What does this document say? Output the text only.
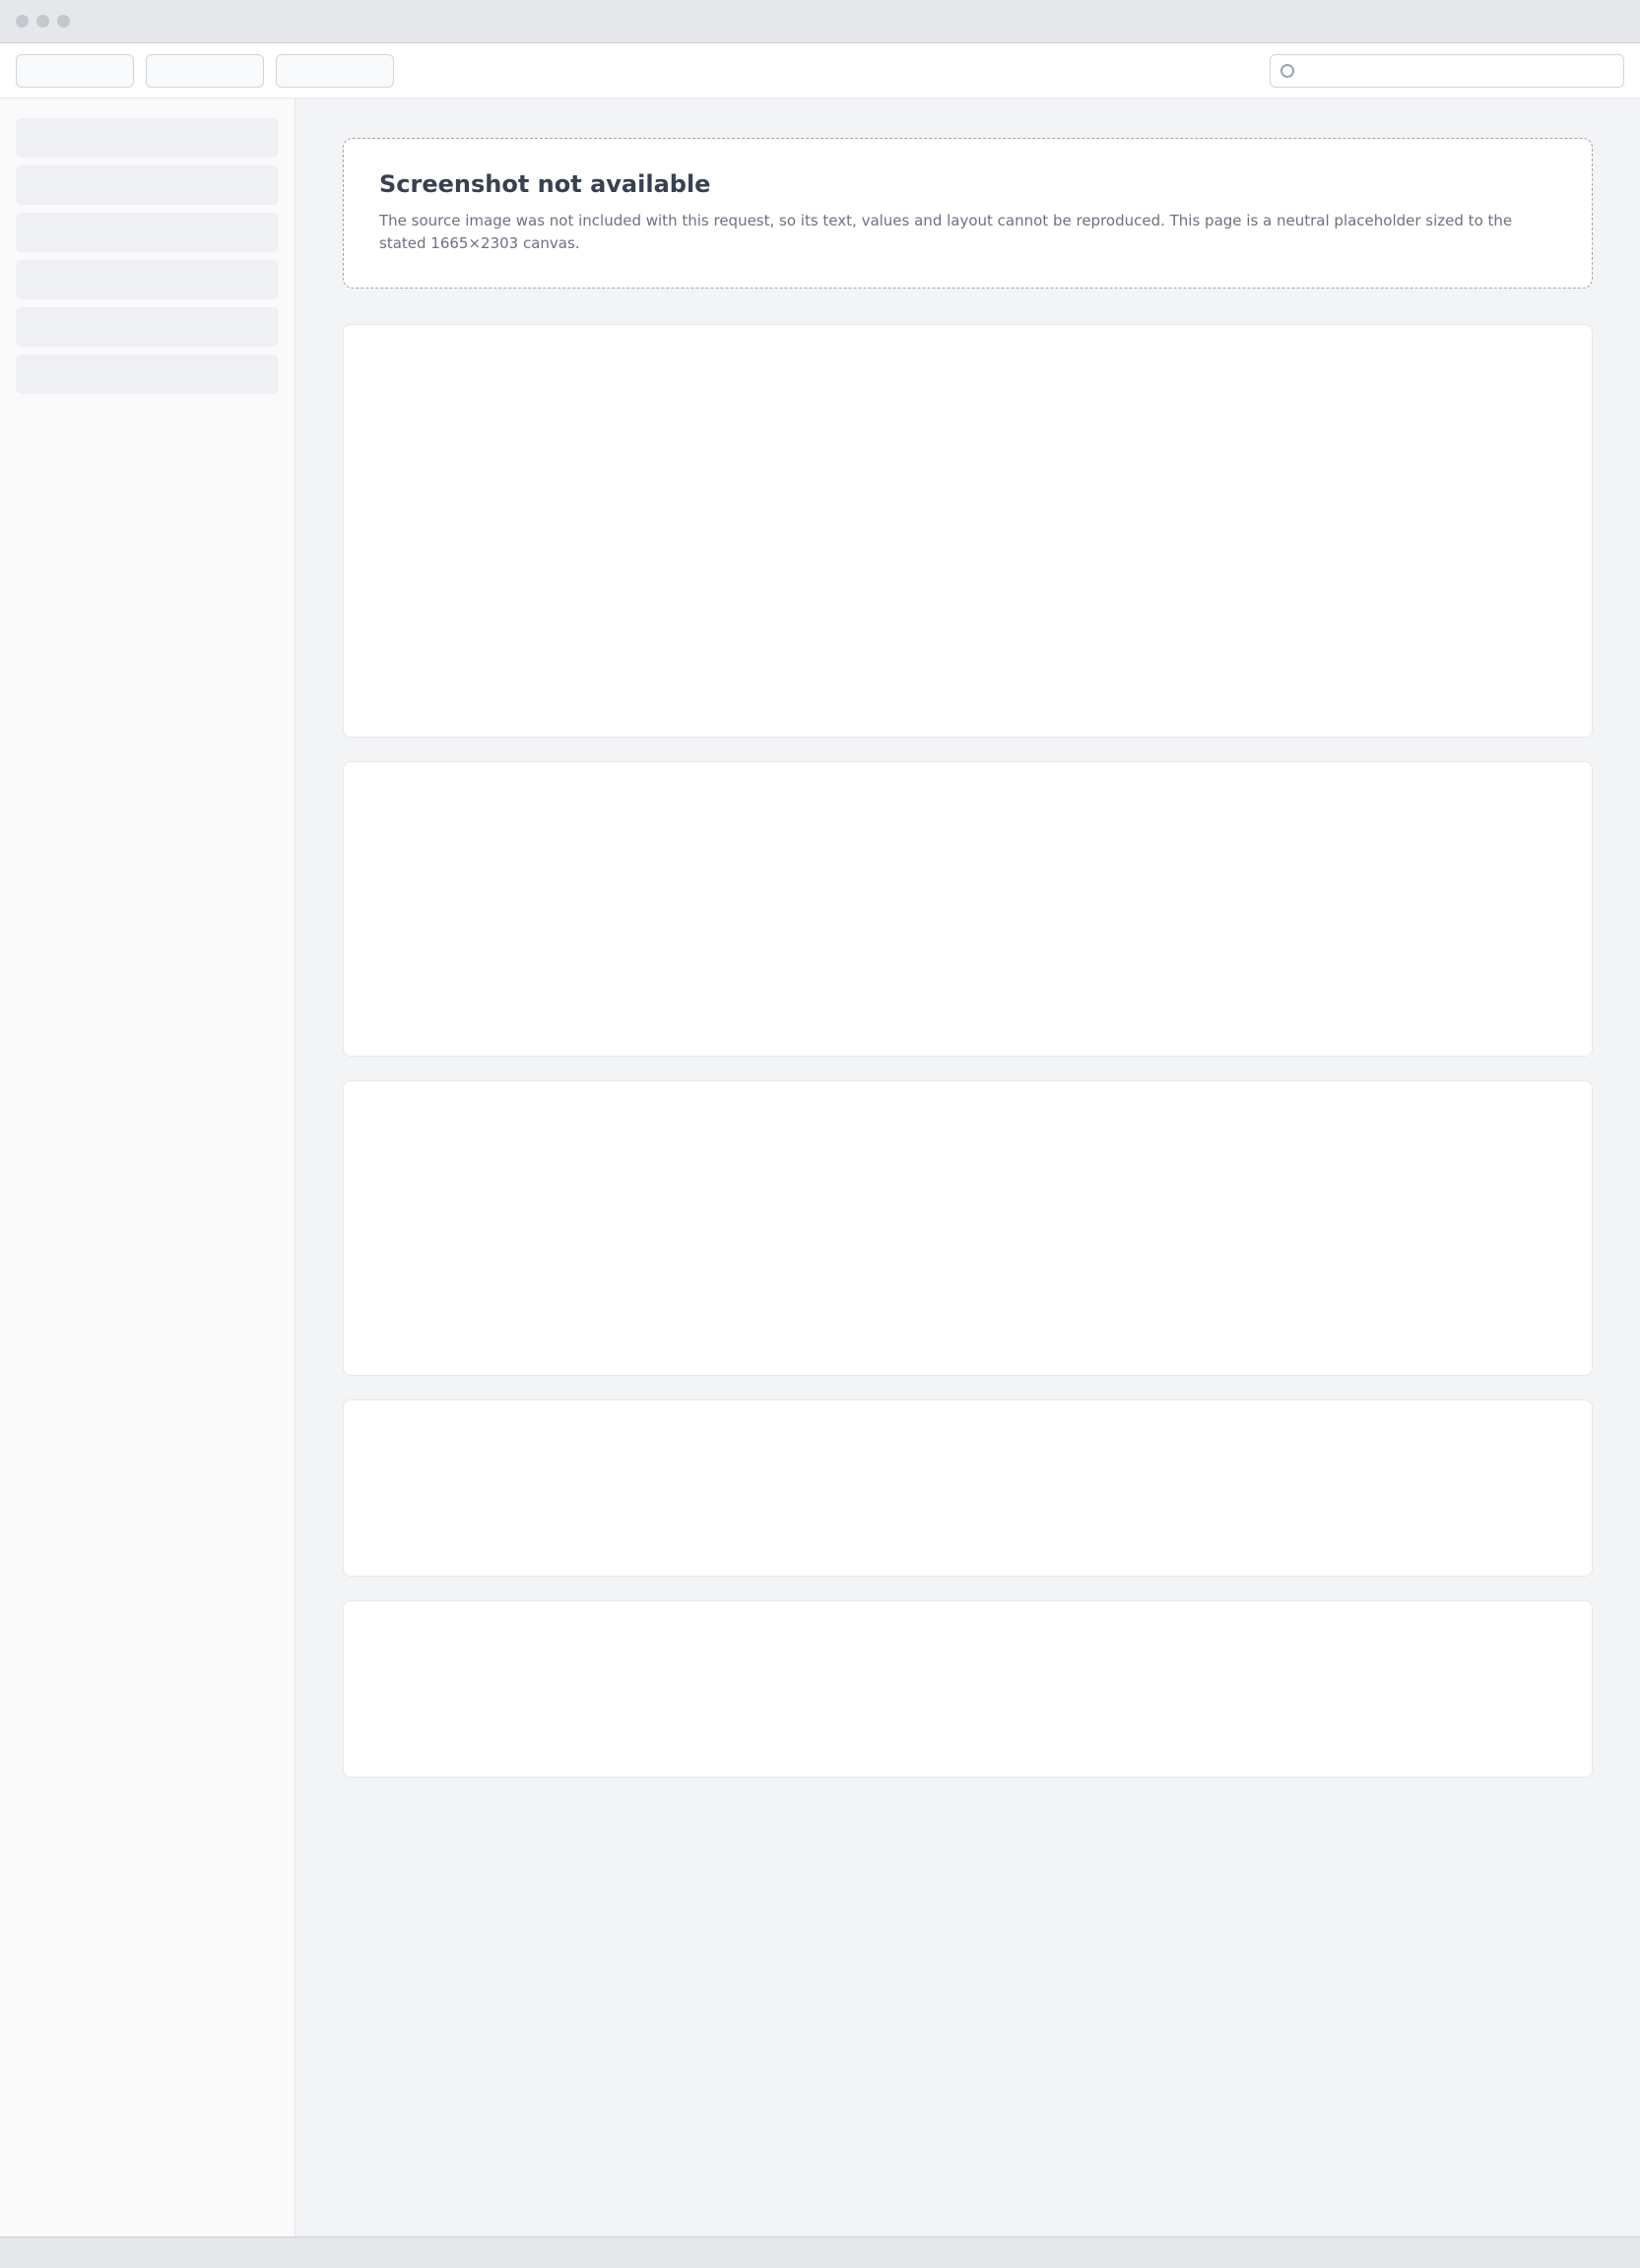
Screenshot not available

The source image was not included with this request, so its text, values and layout cannot be reproduced. This page is a neutral placeholder sized to the stated 1665×2303 canvas.
